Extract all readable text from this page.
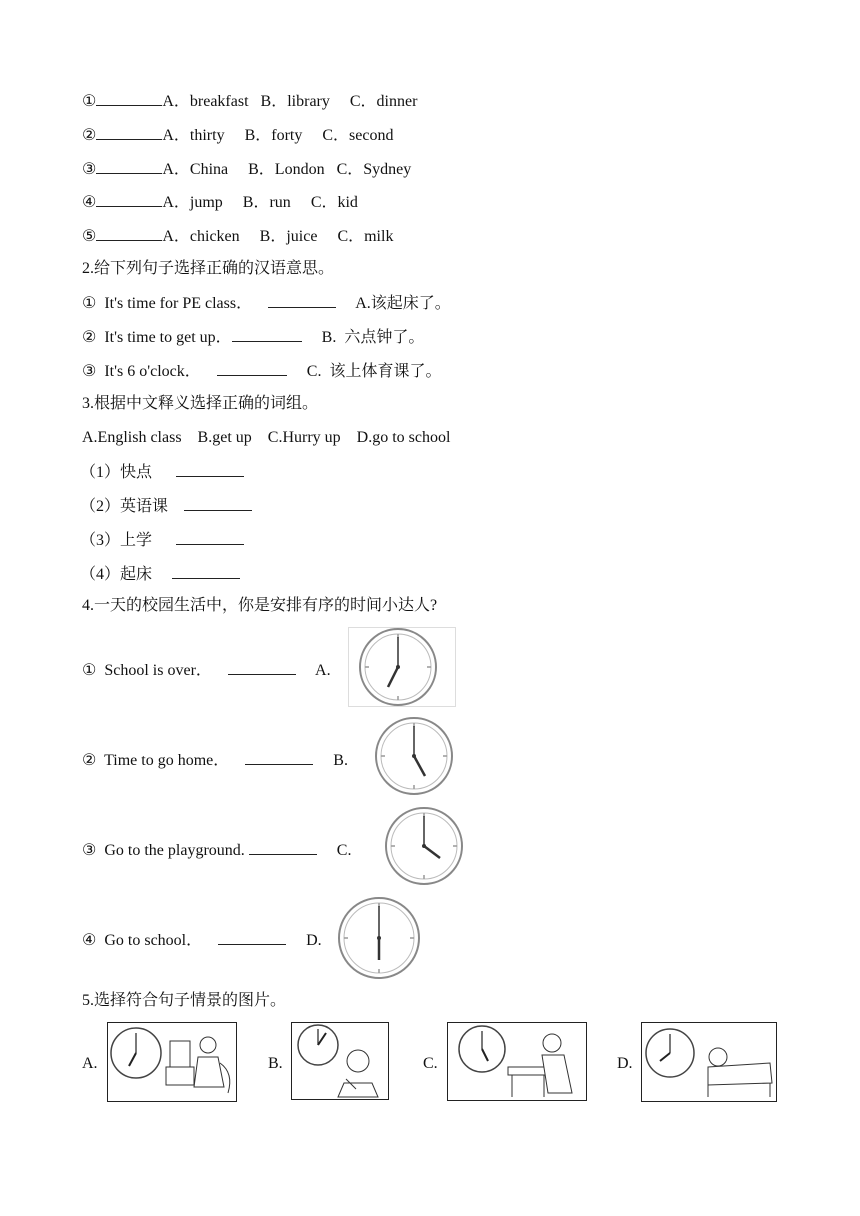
①	A．breakfast B．library C．dinner
②	A．thirty B．forty C．second
③	A．China B．London C．Sydney
④	A．jump B．run C．kid
⑤	A．chicken B．juice C．milk
2.给下列句子选择正确的汉语意思。
① It's time for PE class．	A.该起床了。
② It's time to get up．	B.  六点钟了。
③ It's 6 o'clock．	C.  该上体育课了。
3.根据中文释义选择正确的词组。
A.English class    B.get up    C.Hurry up    D.go to school
（1）快点
（2）英语课
（3）上学
（4）起床
4.一天的校园生活中，你是安排有序的时间小达人?
① School is over．	A.
② Time to go home．	B.
③ Go to the playground.	C.
④ Go to school．	D.
5.选择符合句子情景的图片。
A.	B.	C.	D.
